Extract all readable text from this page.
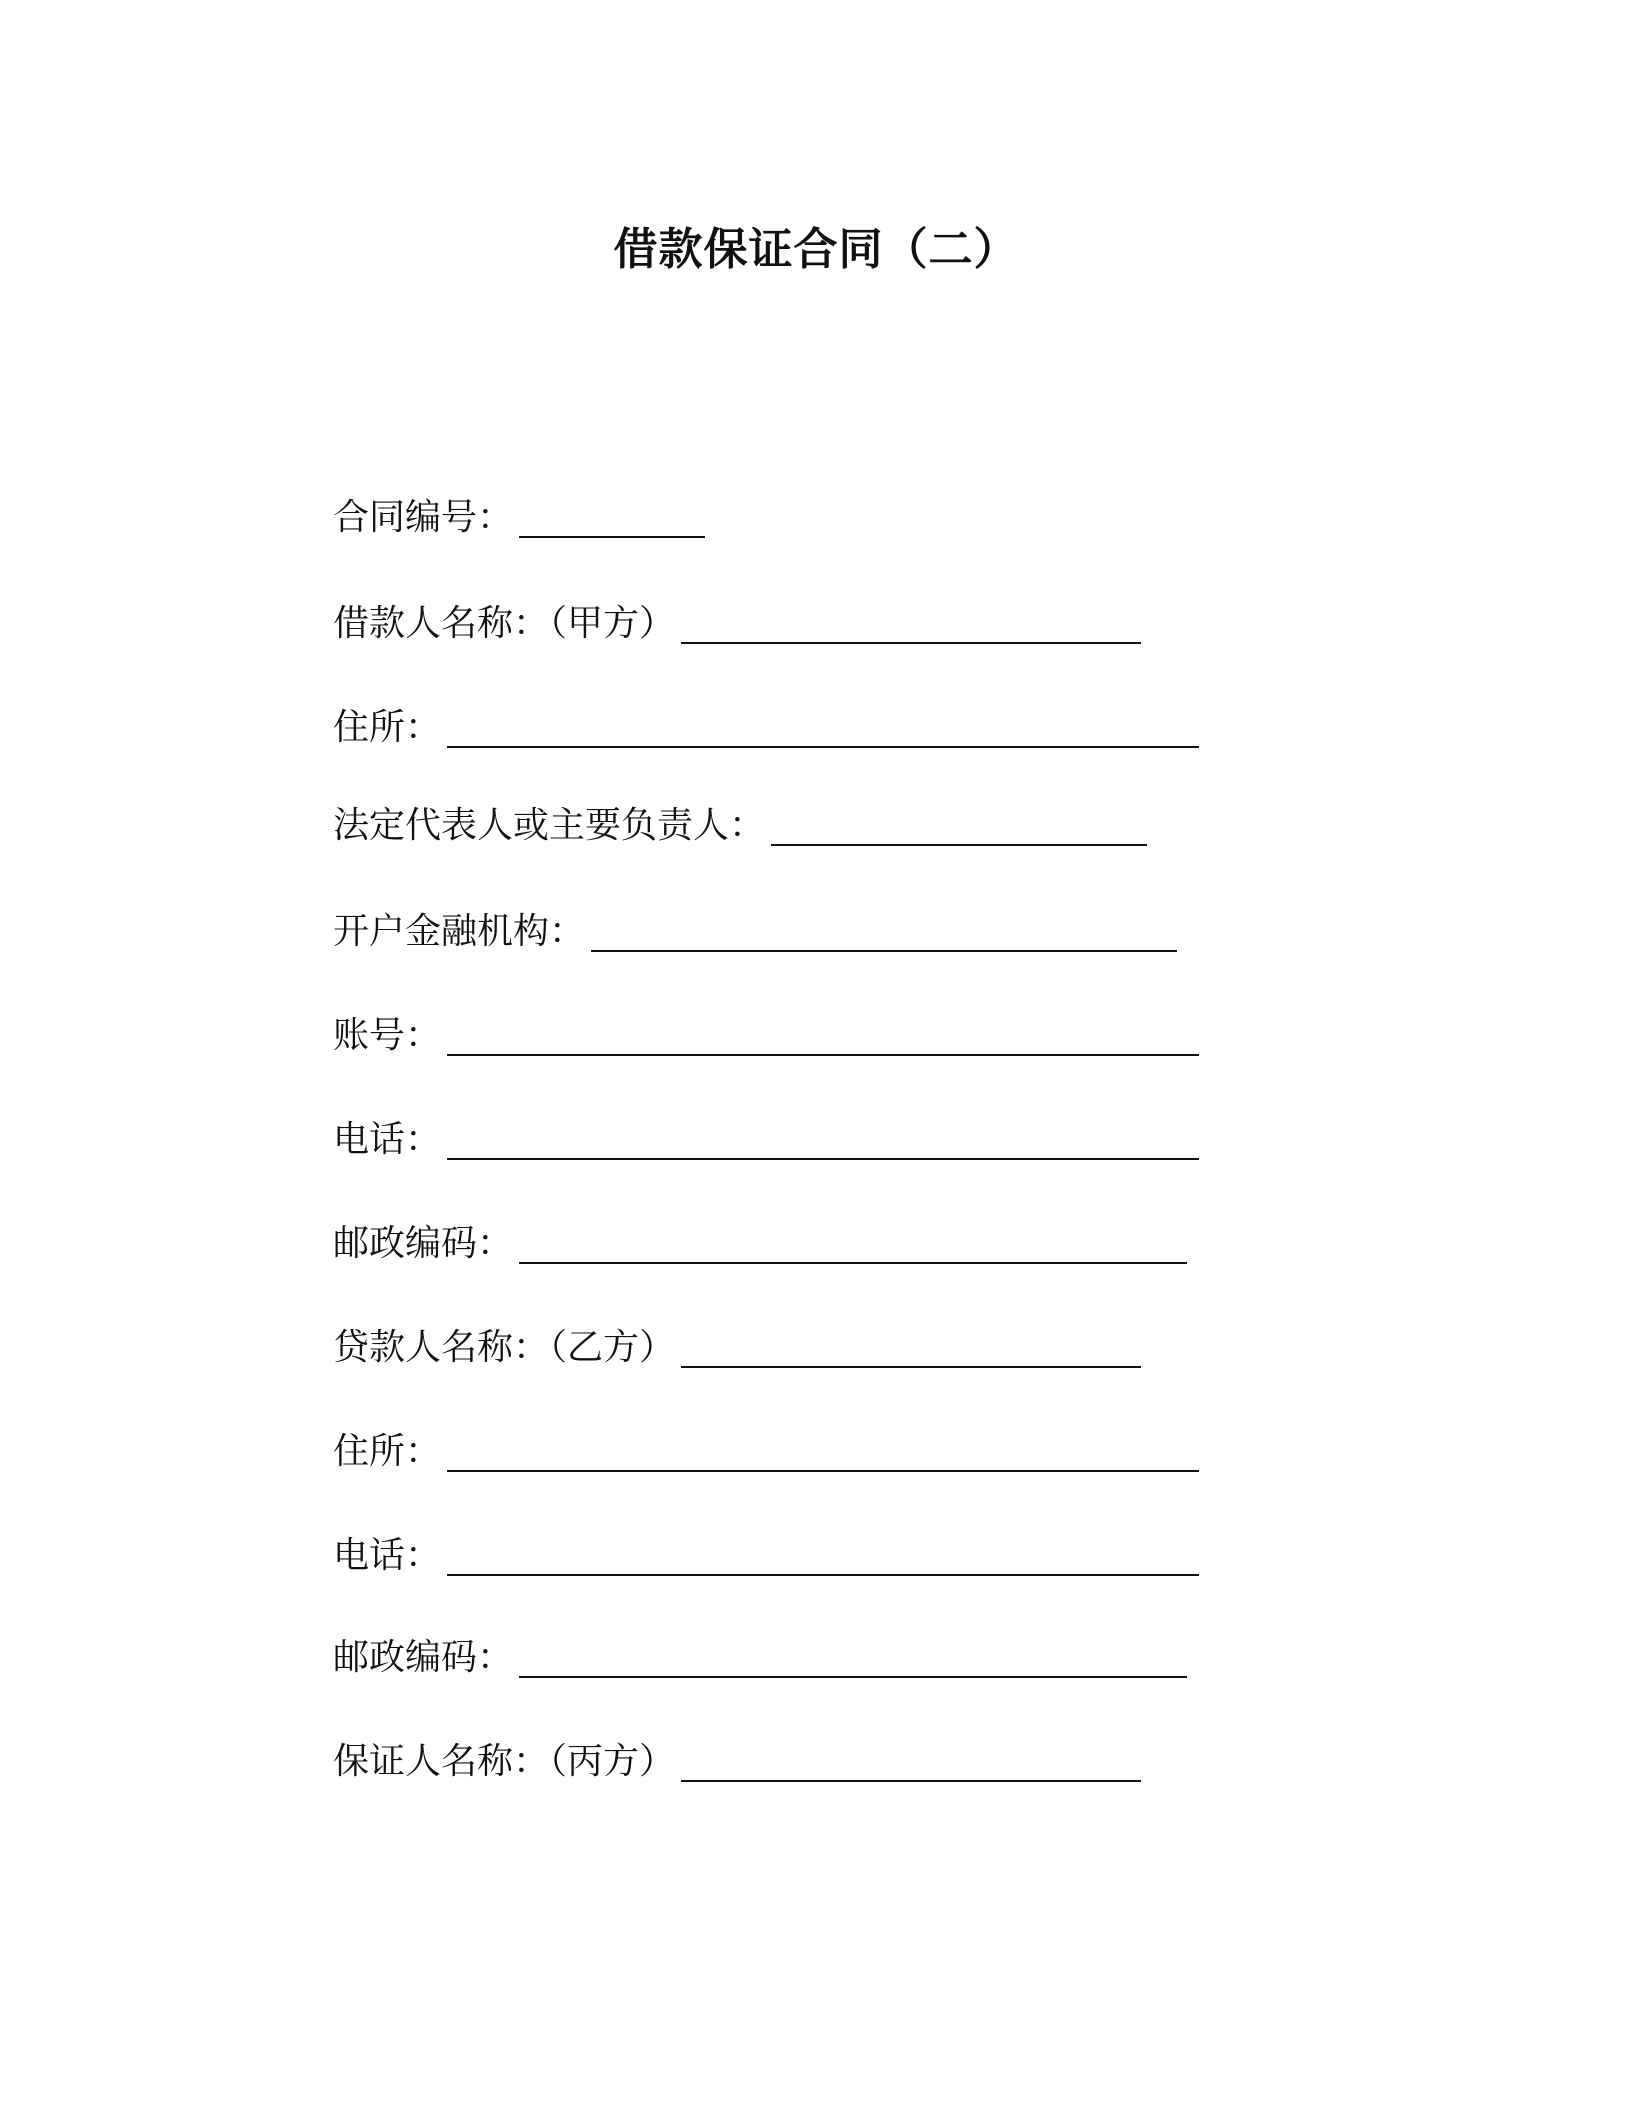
借款保证合同（二）
合同编号：
借款人名称：（甲方）
住所：
法定代表人或主要负责人：
开户金融机构：
账号：
电话：
邮政编码：
贷款人名称：（乙方）
住所：
电话：
邮政编码：
保证人名称：（丙方）
